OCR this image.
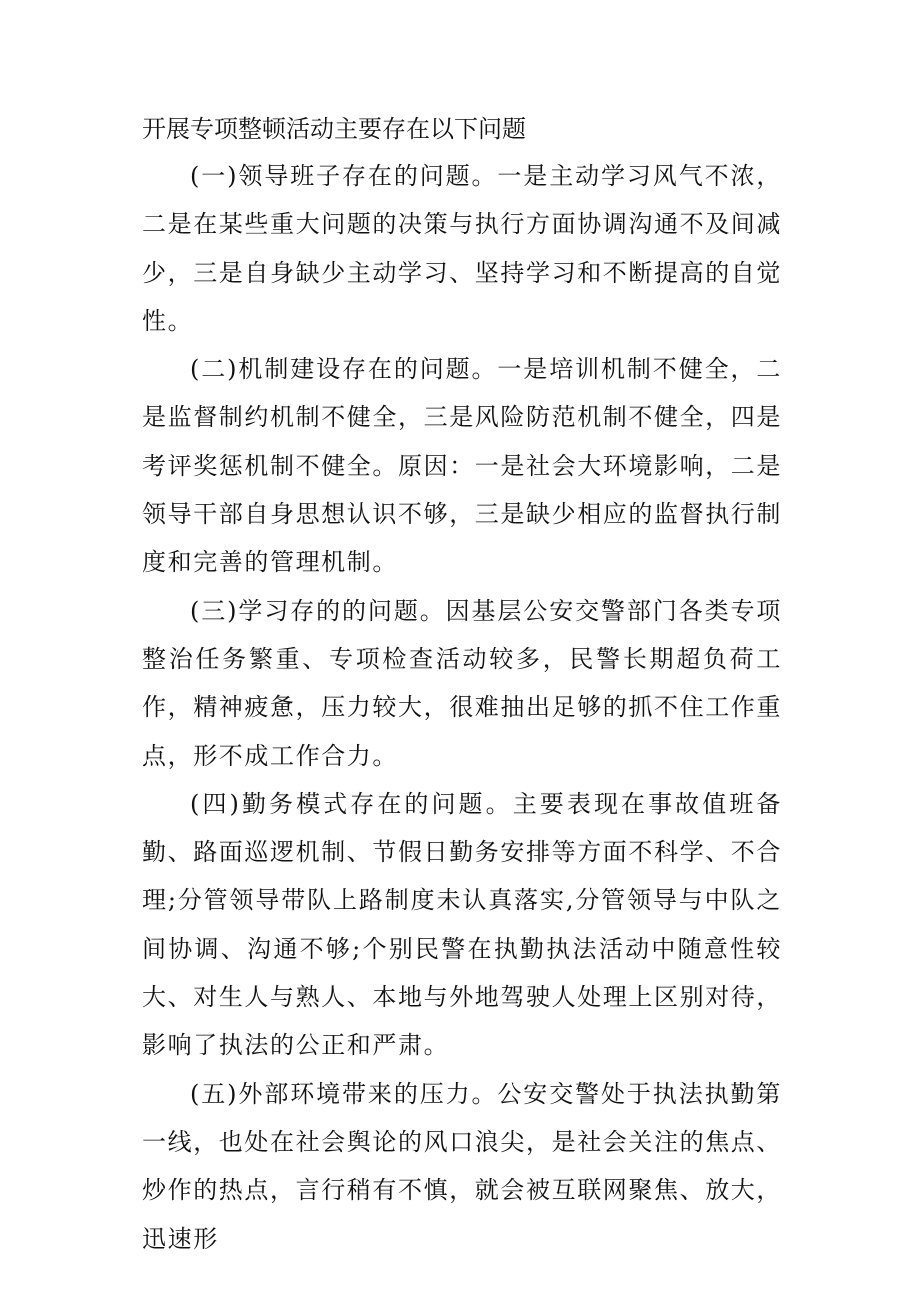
开展专项整顿活动主要存在以下问题

(一)领导班子存在的问题。一是主动学习风气不浓，二是在某些重大问题的决策与执行方面协调沟通不及间减少，三是自身缺少主动学习、坚持学习和不断提高的自觉性。

(二)机制建设存在的问题。一是培训机制不健全，二是监督制约机制不健全，三是风险防范机制不健全，四是考评奖惩机制不健全。原因：一是社会大环境影响，二是领导干部自身思想认识不够，三是缺少相应的监督执行制度和完善的管理机制。

(三)学习存的的问题。因基层公安交警部门各类专项整治任务繁重、专项检查活动较多，民警长期超负荷工作，精神疲惫，压力较大，很难抽出足够的抓不住工作重点，形不成工作合力。

(四)勤务模式存在的问题。主要表现在事故值班备勤、路面巡逻机制、节假日勤务安排等方面不科学、不合理;分管领导带队上路制度未认真落实,分管领导与中队之间协调、沟通不够;个别民警在执勤执法活动中随意性较大、对生人与熟人、本地与外地驾驶人处理上区别对待，影响了执法的公正和严肃。

(五)外部环境带来的压力。公安交警处于执法执勤第一线，也处在社会舆论的风口浪尖，是社会关注的焦点、炒作的热点，言行稍有不慎，就会被互联网聚焦、放大，迅速形
